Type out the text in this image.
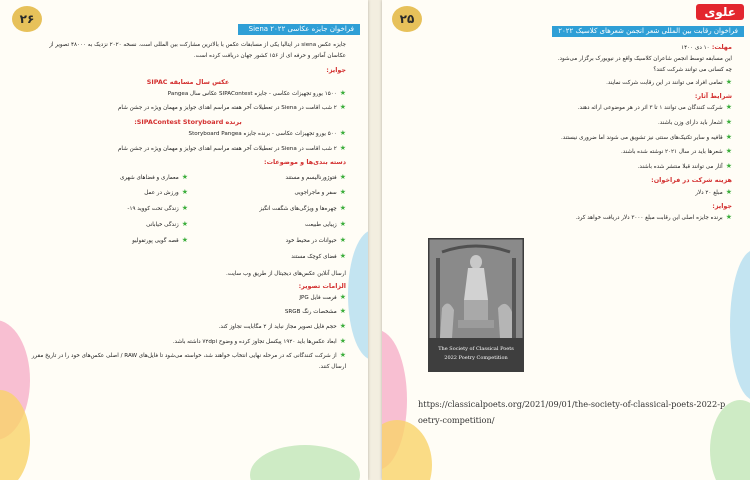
۲۶
فراخوان جایزه عکاسی Siena ۲۰۲۲

جایزه عکس siena در ایتالیا یکی از مسابقات عکس با بالاترین مشارکت بین المللی است. نسخه ۲۰۲۰ نزدیک به ۴۸۰۰۰ تصویر از عکاسان آماتور و حرفه ای از ۱۵۶ کشور جهان دریافت کرده است.

جوایز:

عکس سال مسابقه SIPAC

★۱۵۰۰ یورو تجهیزات عکاسی - جایزه SIPAContest عکاس سال Pangea
★۲ شب اقامت در Siena در تعطیلات آخر هفته مراسم اهدای جوایز و مهمان ویژه در جشن شام

برنده SIPAContest Storyboard:

★۵۰۰ یورو تجهیزات عکاسی - برنده جایزه Storyboard Pangea
★۲ شب اقامت در Siena در تعطیلات آخر هفته مراسم اهدای جوایز و مهمان ویژه در جشن شام

دسته بندی‌ها و موضوعات:

★فتوژورنالیسم و مستند
★سفر و ماجراجویی
★چهره‌ها و ویژگی‌های شگفت انگیز
★زیبایی طبیعت
★حیوانات در محیط خود
★فضای کوچک مستند
★معماری و فضاهای شهری
★ورزش در عمل
★زندگی تحت کووید ۱۹-
★زندگی خیابانی
★قصه گویی پورتفولیو

ارسال آنلاین عکس‌های دیجیتال از طریق وب سایت.

الزامات تصویر:

★فرمت فایل JPG
★مشخصات رنگ SRGB
★حجم فایل تصویر مجاز نباید از ۲ مگابایت تجاوز کند.
★ابعاد عکس‌ها باید ۱۹۲۰ پیکسل تجاوز کرده و وضوح ۷۲dpi داشته باشد.
★از شرکت کنندگانی که در مرحله نهایی انتخاب خواهند شد، خواسته می‌شود تا فایل‌های RAW / اصلی عکس‌های خود را در تاریخ مقرر ارسال کنند.
۲۵	علوی
فراخوان رقابت بین المللی شعر انجمن شعرهای کلاسیک ۲۰۲۲

مهلت: ۱۰ دی ۱۴۰۰

این مسابقه توسط انجمن شاعران کلاسیک واقع در نیویورک برگزار می‌شود.

چه کسانی می توانند شرکت کنند؟

★تمامی افراد می توانند در این رقابت شرکت نمایند.

شرایط آثار:

★شرکت کنندگان می توانند ۱ تا ۳ اثر در هر موضوعی ارائه دهند.
★اشعار باید دارای وزن باشند.
★قافیه و سایر تکنیک‌های سنتی نیز تشویق می شوند اما ضروری نیستند.
★شعرها باید در سال ۲۰۲۱ نوشته شده باشند.
★آثار می توانند قبلا منتشر شده باشند.

هزینه شرکت در فراخوان:

★مبلغ ۲۰ دلار

جوایز:

★برنده جایزه اصلی این رقابت مبلغ ۳۰۰۰ دلار دریافت خواهد کرد.
The Society of Classical Poets
2022 Poetry Competition
https://classicalpoets.org/2021/09/01/the-society-of-classical-poets-2022-poetry-competition/
